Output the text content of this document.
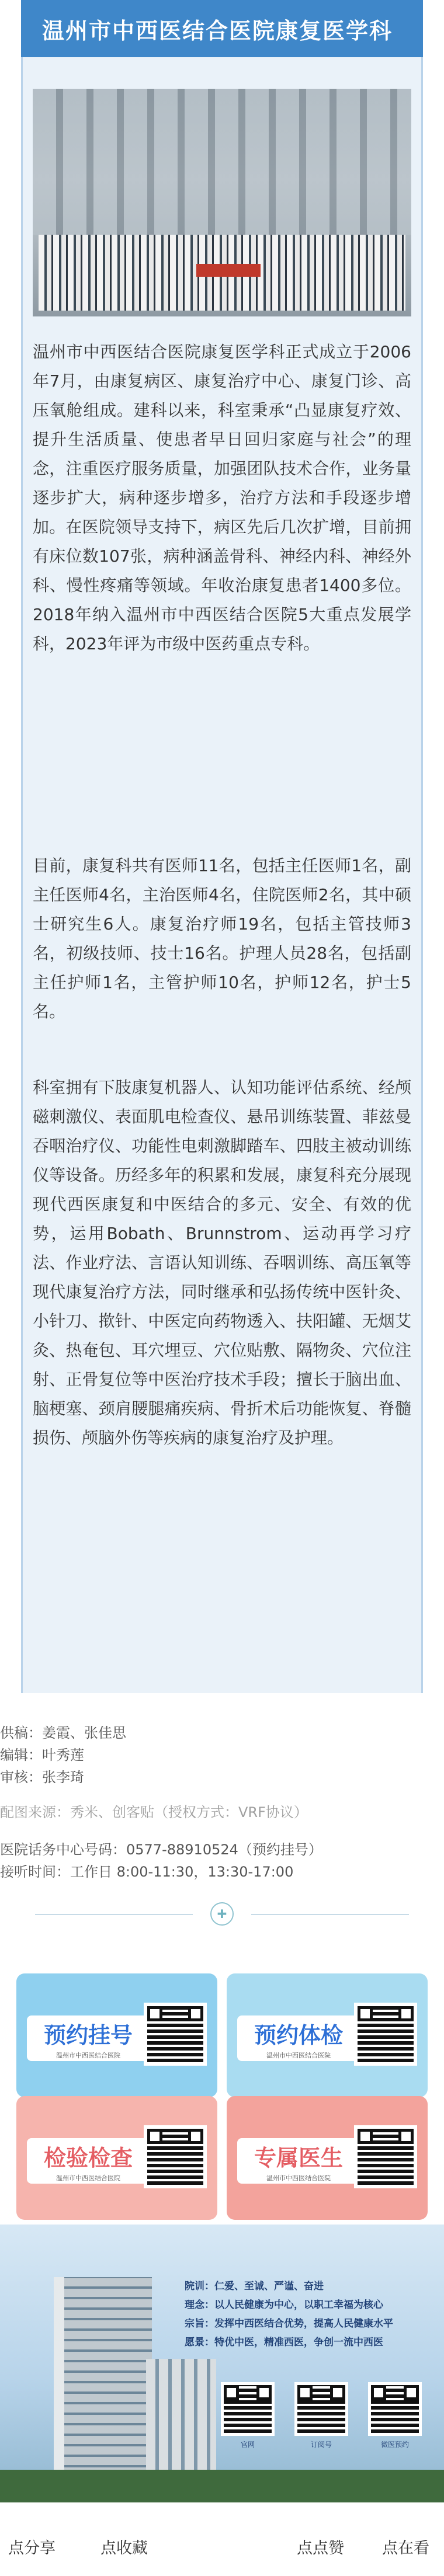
温州市中西医结合医院康复医学科
温州市中西医结合医院康复医学科正式成立于2006年7月，由康复病区、康复治疗中心、康复门诊、高压氧舱组成。建科以来，科室秉承“凸显康复疗效、提升生活质量、使患者早日回归家庭与社会”的理念，注重医疗服务质量，加强团队技术合作，业务量逐步扩大，病种逐步增多，治疗方法和手段逐步增加。在医院领导支持下，病区先后几次扩增，目前拥有床位数107张，病种涵盖骨科、神经内科、神经外科、慢性疼痛等领域。年收治康复患者1400多位。2018年纳入温州市中西医结合医院5大重点发展学科，2023年评为市级中医药重点专科。
目前，康复科共有医师11名，包括主任医师1名，副主任医师4名，主治医师4名，住院医师2名，其中硕士研究生6人。康复治疗师19名，包括主管技师3名，初级技师、技士16名。护理人员28名，包括副主任护师1名，主管护师10名，护师12名，护士5名。
科室拥有下肢康复机器人、认知功能评估系统、经颅磁刺激仪、表面肌电检查仪、悬吊训练装置、菲兹曼吞咽治疗仪、功能性电刺激脚踏车、四肢主被动训练仪等设备。历经多年的积累和发展，康复科充分展现现代西医康复和中医结合的多元、安全、有效的优势，运用Bobath、Brunnstrom、运动再学习疗法、作业疗法、言语认知训练、吞咽训练、高压氧等现代康复治疗方法，同时继承和弘扬传统中医针灸、小针刀、揿针、中医定向药物透入、扶阳罐、无烟艾灸、热奄包、耳穴埋豆、穴位贴敷、隔物灸、穴位注射、正骨复位等中医治疗技术手段；擅长于脑出血、脑梗塞、颈肩腰腿痛疾病、骨折术后功能恢复、脊髓损伤、颅脑外伤等疾病的康复治疗及护理。
供稿：姜霞、张佳思
编辑：叶秀莲
审核：张李琦
配图来源：秀米、创客贴（授权方式：VRF协议）
医院话务中心号码：0577-88910524（预约挂号）
接听时间：工作日 8:00-11:30，13:30-17:00
✚
预约挂号
温州市中西医结合医院
预约体检
温州市中西医结合医院
检验检查
温州市中西医结合医院
专属医生
温州市中西医结合医院
院训：仁爱、至诚、严谨、奋进
理念：以人民健康为中心，以职工幸福为核心
宗旨：发挥中西医结合优势，提高人民健康水平
愿景：特优中医，精准西医，争创一流中西医
官网	订阅号	微医预约
点分享	点收藏	点点赞 点在看
